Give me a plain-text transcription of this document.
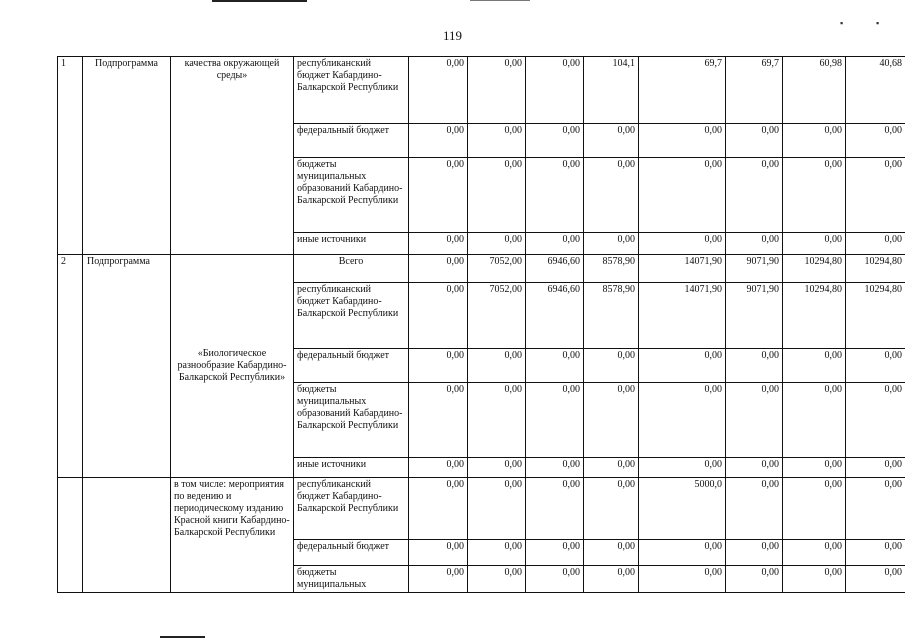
119
▪	▪
1	Подпрограмма	качества окружающей среды»	республиканский бюджет Кабардино-Балкарской Республики	0,00	0,00	0,00	104,1	69,7	69,7	60,98	40,68
			федеральный бюджет	0,00	0,00	0,00	0,00	0,00	0,00	0,00	0,00
			бюджеты муниципальных образований Кабардино-Балкарской Республики	0,00	0,00	0,00	0,00	0,00	0,00	0,00	0,00
			иные источники	0,00	0,00	0,00	0,00	0,00	0,00	0,00	0,00
2	Подпрограмма	«Биологическое разнообразие Кабардино-Балкарской Республики»	Всего	0,00	7052,00	6946,60	8578,90	14071,90	9071,90	10294,80	10294,80
			республиканский бюджет Кабардино-Балкарской Республики	0,00	7052,00	6946,60	8578,90	14071,90	9071,90	10294,80	10294,80
			федеральный бюджет	0,00	0,00	0,00	0,00	0,00	0,00	0,00	0,00
			бюджеты муниципальных образований Кабардино-Балкарской Республики	0,00	0,00	0,00	0,00	0,00	0,00	0,00	0,00
			иные источники	0,00	0,00	0,00	0,00	0,00	0,00	0,00	0,00
		в том числе: мероприятия по ведению и периодическому изданию Красной книги Кабардино-Балкарской Республики	республиканский бюджет Кабардино-Балкарской Республики	0,00	0,00	0,00	0,00	5000,0	0,00	0,00	0,00
			федеральный бюджет	0,00	0,00	0,00	0,00	0,00	0,00	0,00	0,00
			бюджеты муниципальных	0,00	0,00	0,00	0,00	0,00	0,00	0,00	0,00
